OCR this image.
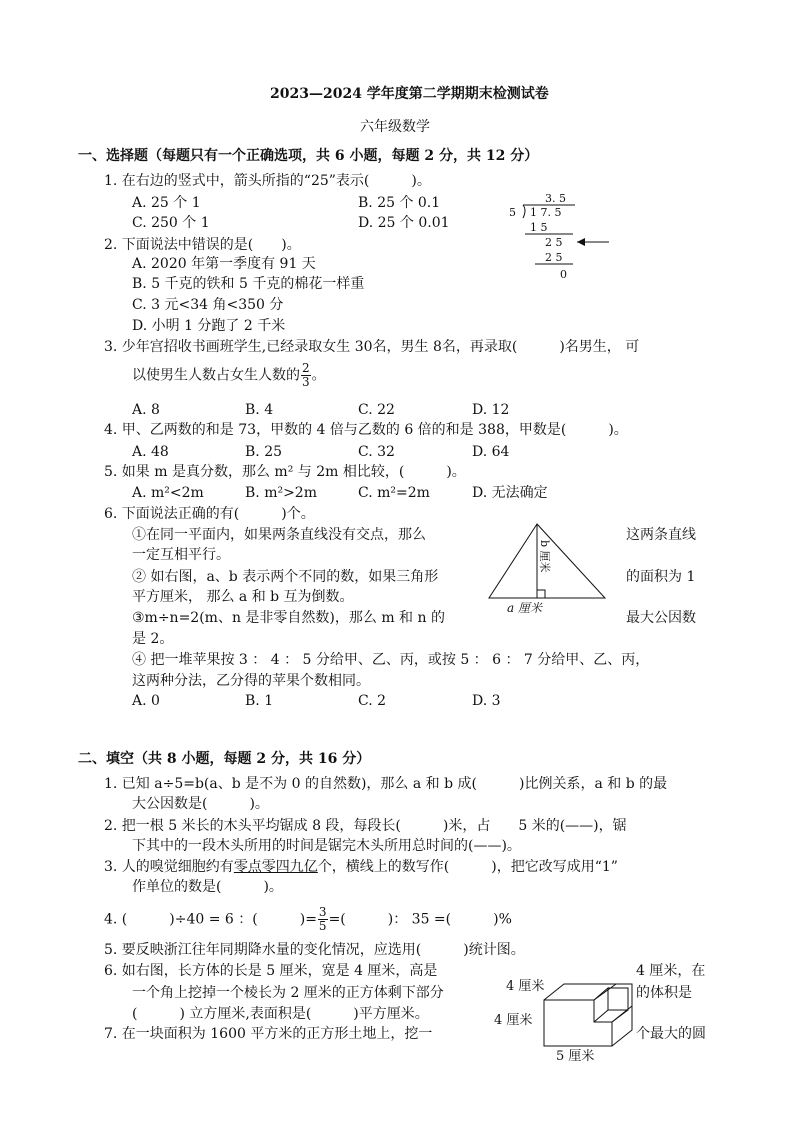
2023—2024 学年度第二学期期末检测试卷
六年级数学
一、选择题（每题只有一个正确选项，共 6 小题，每题 2 分，共 12 分）
1. 在右边的竖式中，箭头所指的“25”表示(　　　)。
A. 25 个 1	B. 25 个 0.1
C. 250 个 1	D. 25 个 0.01
3. 5
5 1 7. 5
1 5
2 5
2 5
0
2. 下面说法中错误的是(　　)。
A. 2020 年第一季度有 91 天
B. 5 千克的铁和 5 千克的棉花一样重
C. 3 元<34 角<350 分
D. 小明 1 分跑了 2 千米
3. 少年宫招收书画班学生,已经录取女生 30名，男生 8名，再录取(　　　)名男生， 可
以使男生人数占女生人数的 $\frac{2}{3}$ 。
A. 8	B. 4	C. 22	D. 12
4. 甲、乙两数的和是 73，甲数的 4 倍与乙数的 6 倍的和是 388，甲数是(　　　)。
A. 48	B. 25	C. 32	D. 64
5. 如果 m 是真分数，那么 m² 与 2m 相比较，(　　　)。
A. m²<2m	B. m²>2m	C. m²=2m	D. 无法确定
6. 下面说法正确的有(　　　)个。
①在同一平面内，如果两条直线没有交点，那么	这两条直线
一定互相平行。
② 如右图，a、b 表示两个不同的数，如果三角形	的面积为 1
平方厘米， 那么 a 和 b 互为倒数。
③m÷n=2(m、n 是非零自然数)，那么 m 和 n 的	最大公因数
是 2。
b 厘米
a 厘米
④ 把一堆苹果按 3 ： 4 ： 5 分给甲、乙、丙，或按 5 ： 6 ： 7 分给甲、乙、丙，
这两种分法，乙分得的苹果个数相同。
A. 0	B. 1	C. 2	D. 3
二、填空（共 8 小题，每题 2 分，共 16 分）
1. 已知 a÷5=b(a、b 是不为 0 的自然数)，那么 a 和 b 成(　　　)比例关系，a 和 b 的最
大公因数是(　　　)。
2. 把一根 5 米长的木头平均锯成 8 段，每段长(　　　)米，占　　5 米的(——)，锯
下其中的一段木头所用的时间是锯完木头所用总时间的(——)。
3. 人的嗅觉细胞约有零点零四九亿个，横线上的数写作(　　　)，把它改写成用“1”
作单位的数是(　　　)。
4. (　　　)÷40 = 6 ：(　　　)= $\frac{3}{5}$ =(　　　)： 35 =(　　　)%
5. 要反映浙江往年同期降水量的变化情况，应选用(　　　)统计图。
6. 如右图，长方体的长是 5 厘米，宽是 4 厘米，高是	4 厘米，在
一个角上挖掉一个棱长为 2 厘米的正方体剩下部分	的体积是
(　　　) 立方厘米,表面积是(　　　)平方厘米。
7. 在一块面积为 1600 平方米的正方形土地上，挖一	个最大的圆
4 厘米
4 厘米
5 厘米
